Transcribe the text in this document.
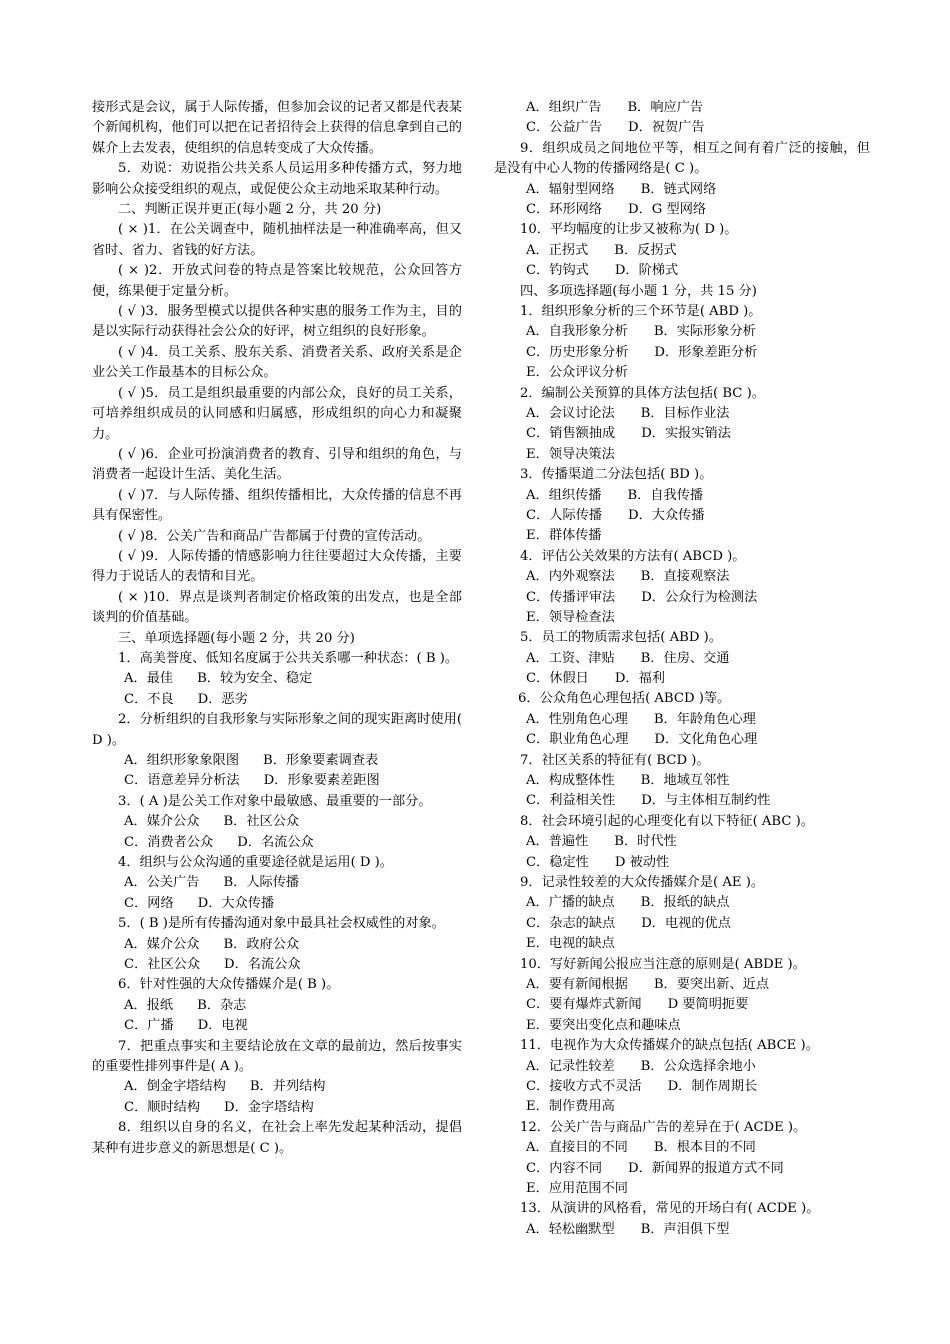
接形式是会议，属于人际传播，但参加会议的记者又都是代表某个新闻机构，他们可以把在记者招待会上获得的信息拿到自己的媒介上去发表，使组织的信息转变成了大众传播。
5．劝说：劝说指公共关系人员运用多种传播方式，努力地影响公众接受组织的观点，或促使公众主动地采取某种行动。
二、判断正误并更正(每小题 2 分，共 20 分)
( × )1．在公关调查中，随机抽样法是一种准确率高，但又省时、省力、省钱的好方法。
( × )2．开放式问卷的特点是答案比较规范，公众回答方便，练果便于定量分析。
( √ )3．服务型模式以提供各种实惠的服务工作为主，目的是以实际行动获得社会公众的好评，树立组织的良好形象。
( √ )4．员工关系、股东关系、消费者关系、政府关系是企业公关工作最基本的目标公众。
( √ )5．员工是组织最重要的内部公众，良好的员工关系，可培养组织成员的认同感和归属感，形成组织的向心力和凝聚力。
( √ )6．企业可扮演消费者的教育、引导和组织的角色，与消费者一起设计生活、美化生活。
( √ )7．与人际传播、组织传播相比，大众传播的信息不再具有保密性。
( √ )8．公关广告和商品广告都属于付费的宣传活动。
( √ )9．人际传播的情感影响力往往要超过大众传播，主要得力于说话人的表情和目光。
( × )10．界点是谈判者制定价格政策的出发点，也是全部谈判的价值基础。
三、单项选择题(每小题 2 分，共 20 分)
1．高美誉度、低知名度属于公共关系哪一种状态：( B )。
A．最佳 B．较为安全、稳定
C．不良 D．恶劣
2．分析组织的自我形象与实际形象之间的现实距离时使用( D )。
A．组织形象象限图 B．形象要素调查表
C．语意差异分析法 D．形象要素差距图
3．( A )是公关工作对象中最敏感、最重要的一部分。
A．媒介公众 B．社区公众
C．消费者公众 D．名流公众
4．组织与公众沟通的重要途径就是运用( D )。
A．公关广告 B．人际传播
C．网络 D．大众传播
5．( B )是所有传播沟通对象中最具社会权威性的对象。
A．媒介公众 B．政府公众
C．社区公众 D．名流公众
6．针对性强的大众传播媒介是( B )。
A．报纸 B．杂志
C．广播 D．电视
7．把重点事实和主要结论放在文章的最前边，然后按事实的重要性排列事件是( A )。
A．倒金字塔结构 B．并列结构
C．顺时结构 D．金字塔结构
8．组织以自身的名义，在社会上率先发起某种活动，提倡某种有进步意义的新思想是( C )。
A．组织广告 B．响应广告
C．公益广告 D．祝贺广告
9．组织成员之间地位平等，相互之间有着广泛的接触，但是没有中心人物的传播网络是( C )。
A．辐射型网络 B．链式网络
C．环形网络 D．G 型网络
10．平均幅度的让步又被称为( D )。
A．正拐式 B．反拐式
C．钓钩式 D．阶梯式
四、多项选择题(每小题 1 分，共 15 分)
1．组织形象分析的三个环节是( ABD )。
A．自我形象分析 B．实际形象分析
C．历史形象分析 D．形象差距分析
E．公众评议分析
2．编制公关预算的具体方法包括( BC )。
A．会议讨论法 B．目标作业法
C．销售额抽成 D．实报实销法
E．领导决策法
3．传播渠道二分法包括( BD )。
A．组织传播 B．自我传播
C．人际传播 D．大众传播
E．群体传播
4．评估公关效果的方法有( ABCD )。
A．内外观察法 B．直接观察法
C．传播评审法 D．公众行为检测法
E．领导检查法
5．员工的物质需求包括( ABD )。
A．工资、津贴 B．住房、交通
C．休假日 D．福利
6．公众角色心理包括( ABCD )等。
A．性别角色心理 B．年龄角色心理
C．职业角色心理 D．文化角色心理
7．社区关系的特征有( BCD )。
A．构成整体性 B．地域互邻性
C．利益相关性 D．与主体相互制约性
8．社会环境引起的心理变化有以下特征( ABC )。
A．普遍性 B．时代性
C．稳定性 D 被动性
9．记录性较差的大众传播媒介是( AE )。
A．广播的缺点 B．报纸的缺点
C．杂志的缺点 D．电视的优点
E．电视的缺点
10．写好新闻公报应当注意的原则是( ABDE )。
A．要有新闻根据 B．要突出新、近点
C．要有爆炸式新闻 D 要简明扼要
E．要突出变化点和趣味点
11．电视作为大众传播媒介的缺点包括( ABCE )。
A．记录性较差 B．公众选择余地小
C．接收方式不灵活 D．制作周期长
E．制作费用高
12．公关广告与商品广告的差异在于( ACDE )。
A．直接目的不同 B．根本目的不同
C．内容不同 D．新闻界的报道方式不同
E．应用范围不同
13．从演讲的风格看，常见的开场白有( ACDE )。
A．轻松幽默型 B．声泪俱下型
